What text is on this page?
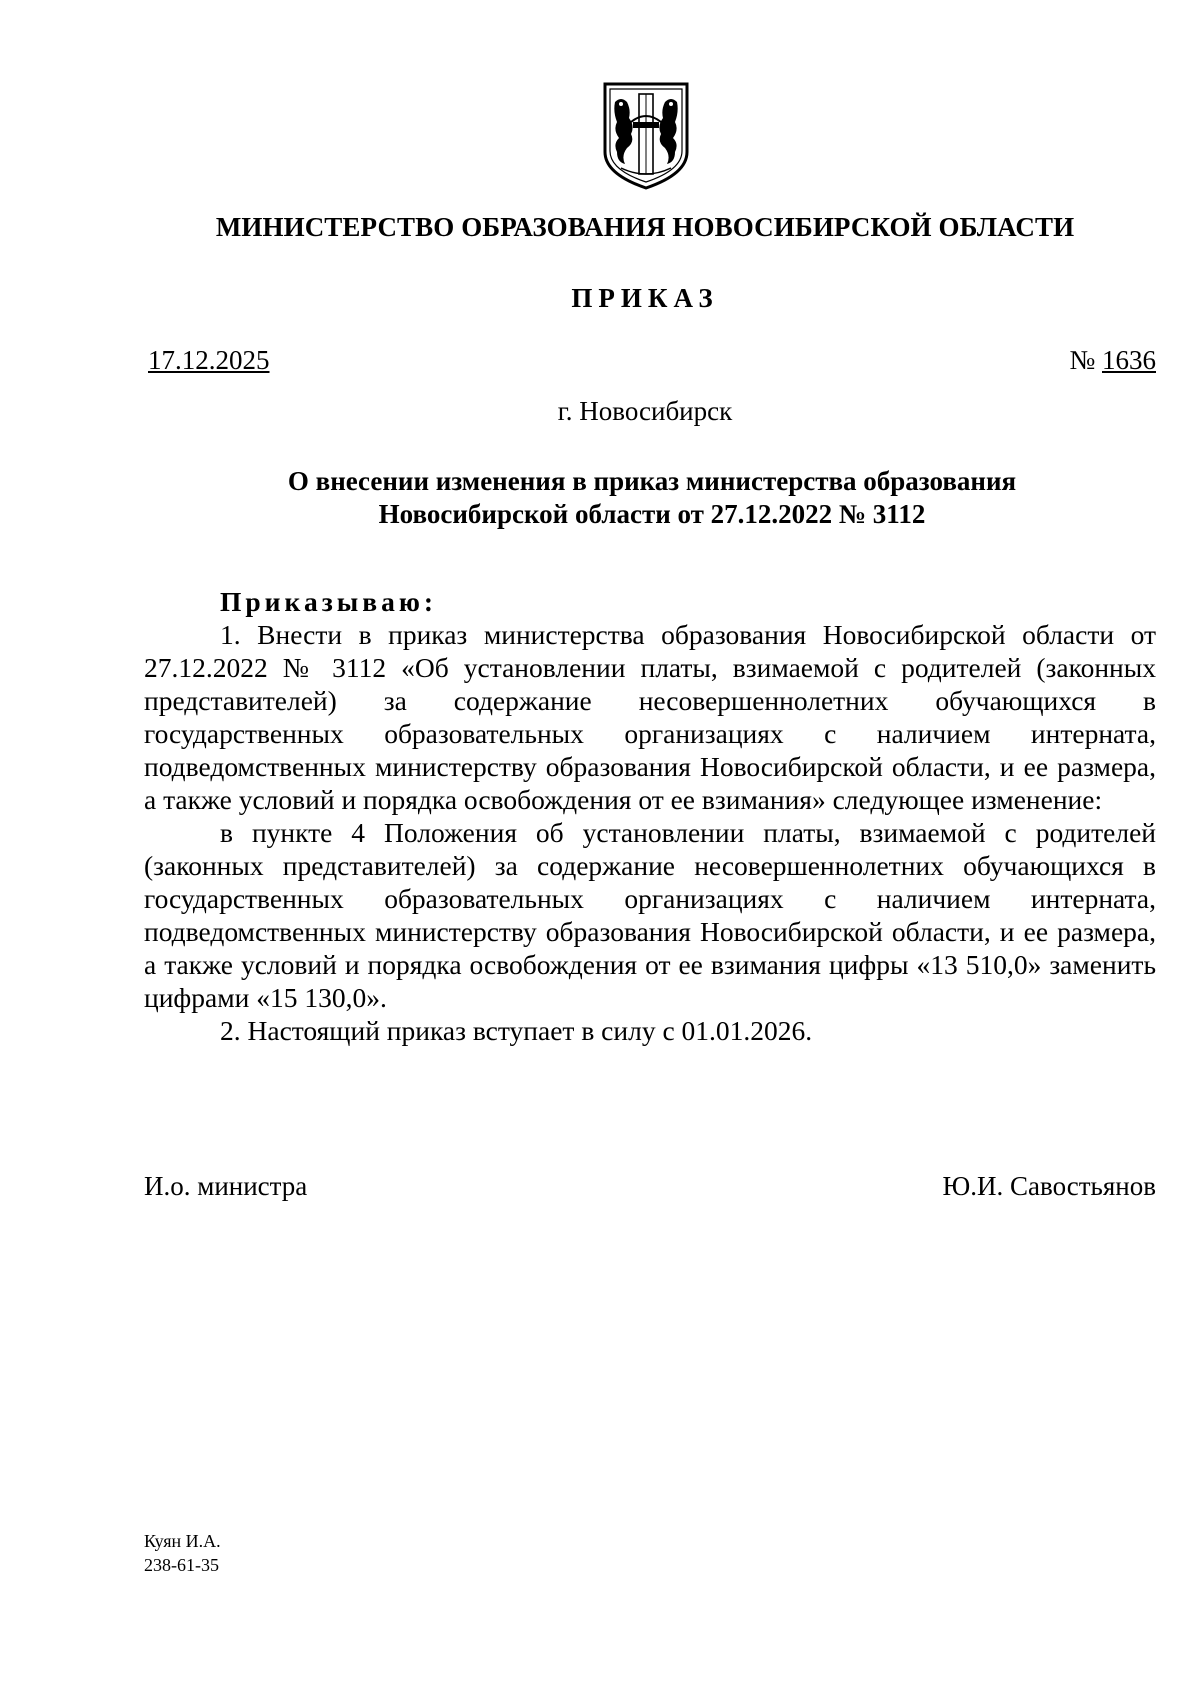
МИНИСТЕРСТВО ОБРАЗОВАНИЯ НОВОСИБИРСКОЙ ОБЛАСТИ
ПРИКАЗ
17.12.2025	№ 1636
г. Новосибирск
О внесении изменения в приказ министерства образования
Новосибирской области от 27.12.2022 № 3112

Приказываю:

1. Внести в приказ министерства образования Новосибирской области от 27.12.2022 № 3112 «Об установлении платы, взимаемой с родителей (законных представителей) за содержание несовершеннолетних обучающихся в государственных образовательных организациях с наличием интерната, подведомственных министерству образования Новосибирской области, и ее размера, а также условий и порядка освобождения от ее взимания» следующее изменение:

в пункте 4 Положения об установлении платы, взимаемой с родителей (законных представителей) за содержание несовершеннолетних обучающихся в государственных образовательных организациях с наличием интерната, подведомственных министерству образования Новосибирской области, и ее размера, а также условий и порядка освобождения от ее взимания цифры «13 510,0» заменить цифрами «15 130,0».

2. Настоящий приказ вступает в силу с 01.01.2026.

И.о. министра	Ю.И. Савостьянов
Куян И.А.
238-61-35
